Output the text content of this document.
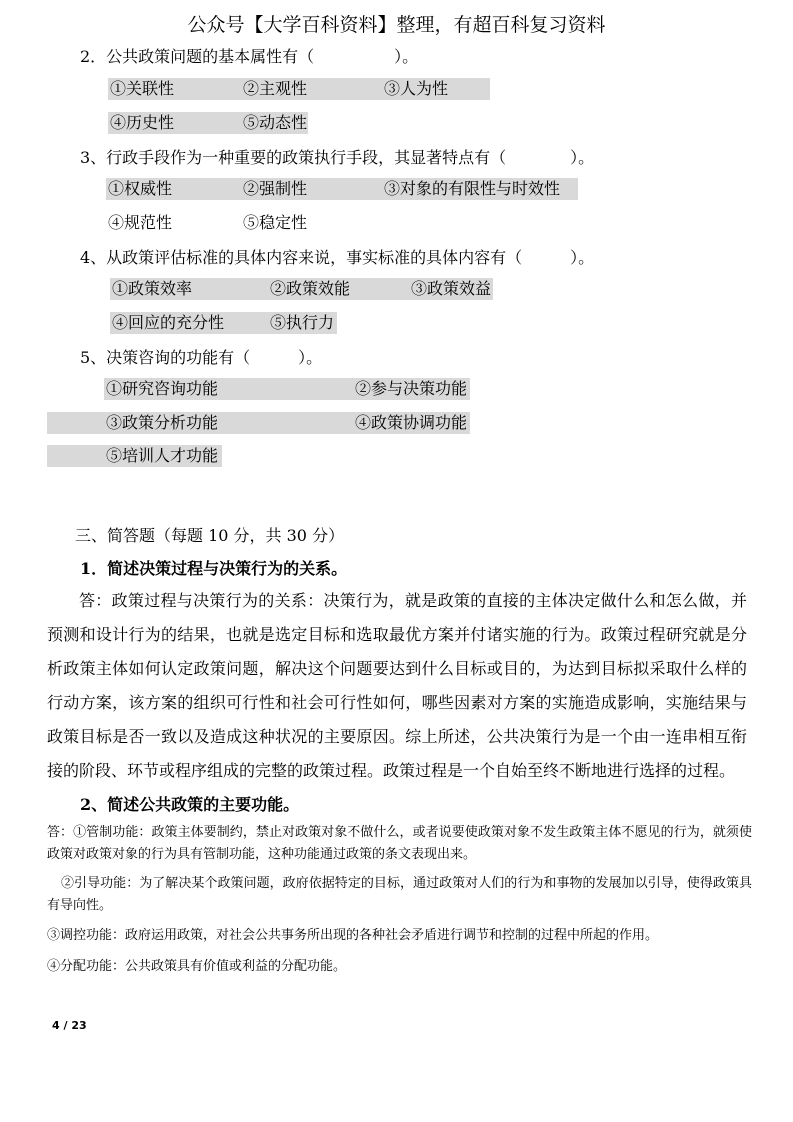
公众号【大学百科资料】整理，有超百科复习资料
2．公共政策问题的基本属性有（　　　　　）。
①关联性	②主观性	③人为性
④历史性	⑤动态性
3、行政手段作为一种重要的政策执行手段，其显著特点有（　　　　）。
①权威性	②强制性	③对象的有限性与时效性
④规范性	⑤稳定性
4、从政策评估标准的具体内容来说，事实标准的具体内容有（　　　）。
①政策效率	②政策效能	③政策效益
④回应的充分性	⑤执行力
5、决策咨询的功能有（　　　）。
①研究咨询功能	②参与决策功能
③政策分析功能	④政策协调功能
⑤培训人才功能
三、简答题（每题 10 分，共 30 分）
1．简述决策过程与决策行为的关系。
答：政策过程与决策行为的关系：决策行为，就是政策的直接的主体决定做什么和怎么做，并预测和设计行为的结果，也就是选定目标和选取最优方案并付诸实施的行为。政策过程研究就是分析政策主体如何认定政策问题，解决这个问题要达到什么目标或目的，为达到目标拟采取什么样的行动方案，该方案的组织可行性和社会可行性如何，哪些因素对方案的实施造成影响，实施结果与政策目标是否一致以及造成这种状况的主要原因。综上所述，公共决策行为是一个由一连串相互衔接的阶段、环节或程序组成的完整的政策过程。政策过程是一个自始至终不断地进行选择的过程。
2、简述公共政策的主要功能。
答：①管制功能：政策主体要制约，禁止对政策对象不做什么，或者说要使政策对象不发生政策主体不愿见的行为，就须使政策对政策对象的行为具有管制功能，这种功能通过政策的条文表现出来。
②引导功能：为了解决某个政策问题，政府依据特定的目标，通过政策对人们的行为和事物的发展加以引导，使得政策具有导向性。
③调控功能：政府运用政策，对社会公共事务所出现的各种社会矛盾进行调节和控制的过程中所起的作用。
④分配功能：公共政策具有价值或利益的分配功能。
4 / 23
